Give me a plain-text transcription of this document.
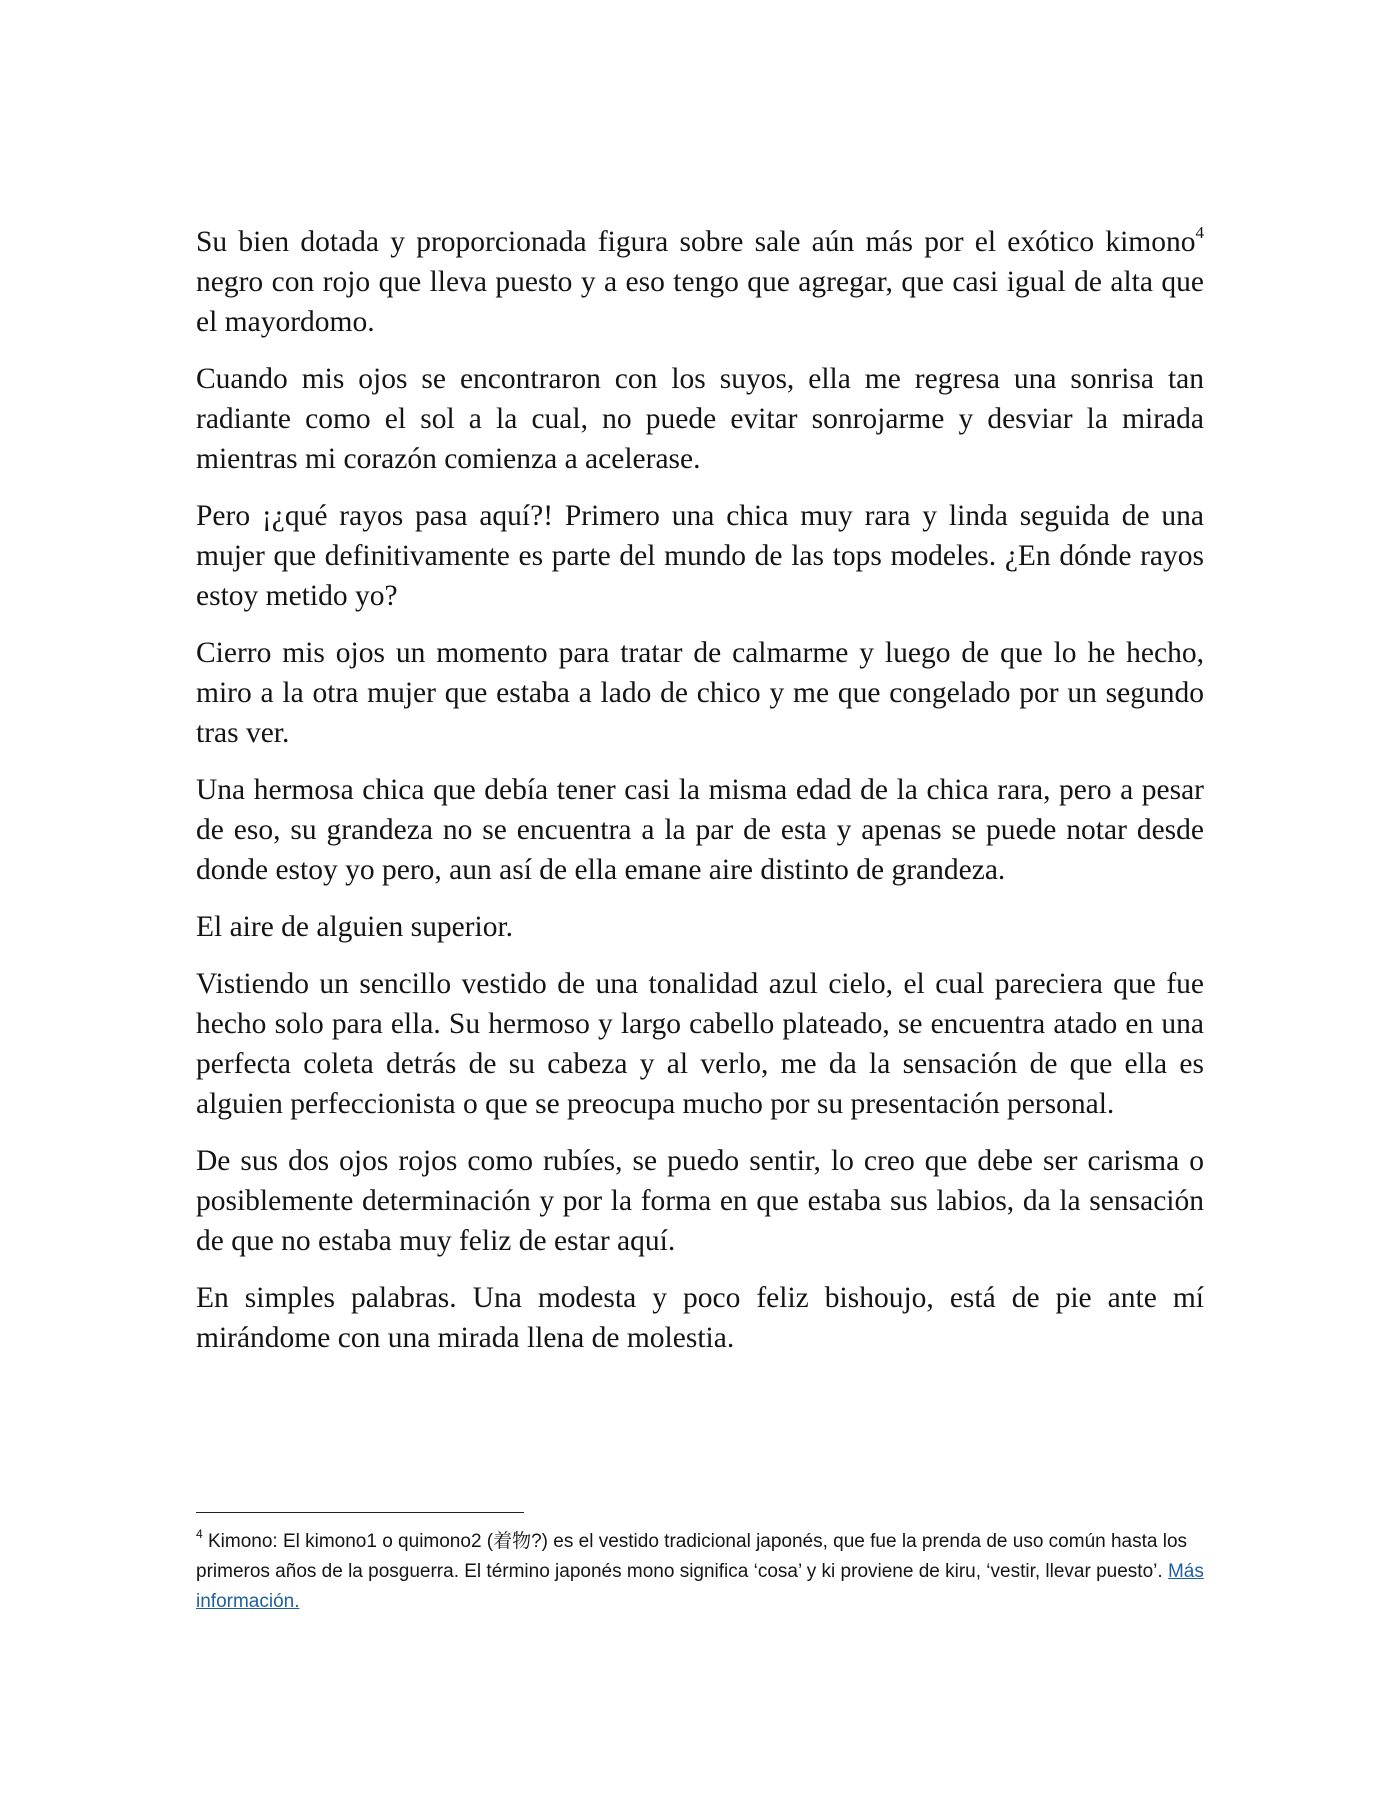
Su bien dotada y proporcionada figura sobre sale aún más por el exótico kimono$^4$ negro con rojo que lleva puesto y a eso tengo que agregar, que casi igual de alta que el mayordomo.

Cuando mis ojos se encontraron con los suyos, ella me regresa una sonrisa tan radiante como el sol a la cual, no puede evitar sonrojarme y desviar la mirada mientras mi corazón comienza a acelerase.

Pero ¡¿qué rayos pasa aquí?! Primero una chica muy rara y linda seguida de una mujer que definitivamente es parte del mundo de las tops modeles. ¿En dónde rayos estoy metido yo?

Cierro mis ojos un momento para tratar de calmarme y luego de que lo he hecho, miro a la otra mujer que estaba a lado de chico y me que congelado por un segundo tras ver.

Una hermosa chica que debía tener casi la misma edad de la chica rara, pero a pesar de eso, su grandeza no se encuentra a la par de esta y apenas se puede notar desde donde estoy yo pero, aun así de ella emane aire distinto de grandeza.

El aire de alguien superior.

Vistiendo un sencillo vestido de una tonalidad azul cielo, el cual pareciera que fue hecho solo para ella. Su hermoso y largo cabello plateado, se encuentra atado en una perfecta coleta detrás de su cabeza y al verlo, me da la sensación de que ella es alguien perfeccionista o que se preocupa mucho por su presentación personal.

De sus dos ojos rojos como rubíes, se puedo sentir, lo creo que debe ser carisma o posiblemente determinación y por la forma en que estaba sus labios, da la sensación de que no estaba muy feliz de estar aquí.

En simples palabras. Una modesta y poco feliz bishoujo, está de pie ante mí mirándome con una mirada llena de molestia.

$^4$ Kimono: El kimono1 o quimono2 (着物?) es el vestido tradicional japonés, que fue la prenda de uso común hasta los primeros años de la posguerra. El término japonés mono significa ‘cosa’ y ki proviene de kiru, ‘vestir, llevar puesto’. Más información.
